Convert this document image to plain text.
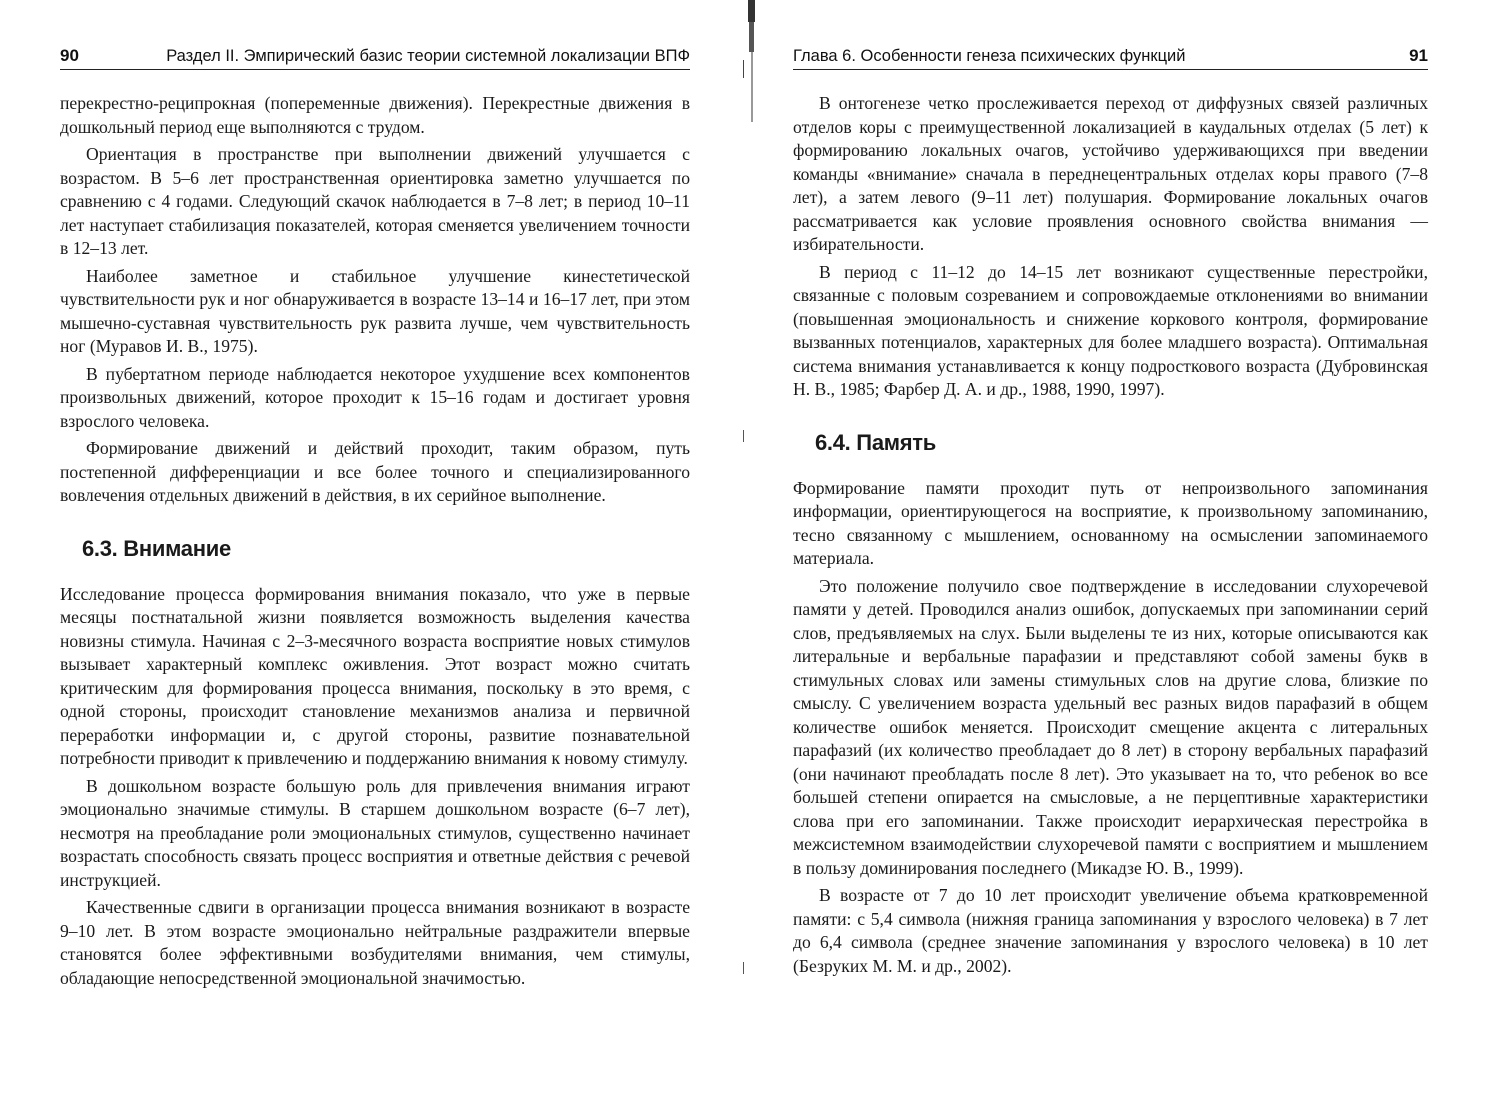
90	Раздел II. Эмпирический базис теории системной локализации ВПФ

перекрестно-реципрокная (попеременные движения). Перекрестные движения в дошкольный период еще выполняются с трудом.

Ориентация в пространстве при выполнении движений улучшается с возрастом. В 5–6 лет пространственная ориентировка заметно улучшается по сравнению с 4 годами. Следующий скачок наблюдается в 7–8 лет; в период 10–11 лет наступает стабилизация показателей, которая сменяется увеличением точности в 12–13 лет.

Наиболее заметное и стабильное улучшение кинестетической чувствительности рук и ног обнаруживается в возрасте 13–14 и 16–17 лет, при этом мышечно-суставная чувствительность рук развита лучше, чем чувствительность ног (Муравов И. В., 1975).

В пубертатном периоде наблюдается некоторое ухудшение всех компонентов произвольных движений, которое проходит к 15–16 годам и достигает уровня взрослого человека.

Формирование движений и действий проходит, таким образом, путь постепенной дифференциации и все более точного и специализированного вовлечения отдельных движений в действия, в их серийное выполнение.

6.3. Внимание

Исследование процесса формирования внимания показало, что уже в первые месяцы постнатальной жизни появляется возможность выделения качества новизны стимула. Начиная с 2–3-месячного возраста восприятие новых стимулов вызывает характерный комплекс оживления. Этот возраст можно считать критическим для формирования процесса внимания, поскольку в это время, с одной стороны, происходит становление механизмов анализа и первичной переработки информации и, с другой стороны, развитие познавательной потребности приводит к привлечению и поддержанию внимания к новому стимулу.

В дошкольном возрасте большую роль для привлечения внимания играют эмоционально значимые стимулы. В старшем дошкольном возрасте (6–7 лет), несмотря на преобладание роли эмоциональных стимулов, существенно начинает возрастать способность связать процесс восприятия и ответные действия с речевой инструкцией.

Качественные сдвиги в организации процесса внимания возникают в возрасте 9–10 лет. В этом возрасте эмоционально нейтральные раздражители впервые становятся более эффективными возбудителями внимания, чем стимулы, обладающие непосредственной эмоциональной значимостью.

Глава 6. Особенности генеза психических функций	91

В онтогенезе четко прослеживается переход от диффузных связей различных отделов коры с преимущественной локализацией в каудальных отделах (5 лет) к формированию локальных очагов, устойчиво удерживающихся при введении команды «внимание» сначала в переднецентральных отделах коры правого (7–8 лет), а затем левого (9–11 лет) полушария. Формирование локальных очагов рассматривается как условие проявления основного свойства внимания — избирательности.

В период с 11–12 до 14–15 лет возникают существенные перестройки, связанные с половым созреванием и сопровождаемые отклонениями во внимании (повышенная эмоциональность и снижение коркового контроля, формирование вызванных потенциалов, характерных для более младшего возраста). Оптимальная система внимания устанавливается к концу подросткового возраста (Дубровинская Н. В., 1985; Фарбер Д. А. и др., 1988, 1990, 1997).

6.4. Память

Формирование памяти проходит путь от непроизвольного запоминания информации, ориентирующегося на восприятие, к произвольному запоминанию, тесно связанному с мышлением, основанному на осмыслении запоминаемого материала.

Это положение получило свое подтверждение в исследовании слухоречевой памяти у детей. Проводился анализ ошибок, допускаемых при запоминании серий слов, предъявляемых на слух. Были выделены те из них, которые описываются как литеральные и вербальные парафазии и представляют собой замены букв в стимульных словах или замены стимульных слов на другие слова, близкие по смыслу. С увеличением возраста удельный вес разных видов парафазий в общем количестве ошибок меняется. Происходит смещение акцента с литеральных парафазий (их количество преобладает до 8 лет) в сторону вербальных парафазий (они начинают преобладать после 8 лет). Это указывает на то, что ребенок во все большей степени опирается на смысловые, а не перцептивные характеристики слова при его запоминании. Также происходит иерархическая перестройка в межсистемном взаимодействии слухоречевой памяти с восприятием и мышлением в пользу доминирования последнего (Микадзе Ю. В., 1999).

В возрасте от 7 до 10 лет происходит увеличение объема кратковременной памяти: с 5,4 символа (нижняя граница запоминания у взрослого человека) в 7 лет до 6,4 символа (среднее значение запоминания у взрослого человека) в 10 лет (Безруких М. М. и др., 2002).
